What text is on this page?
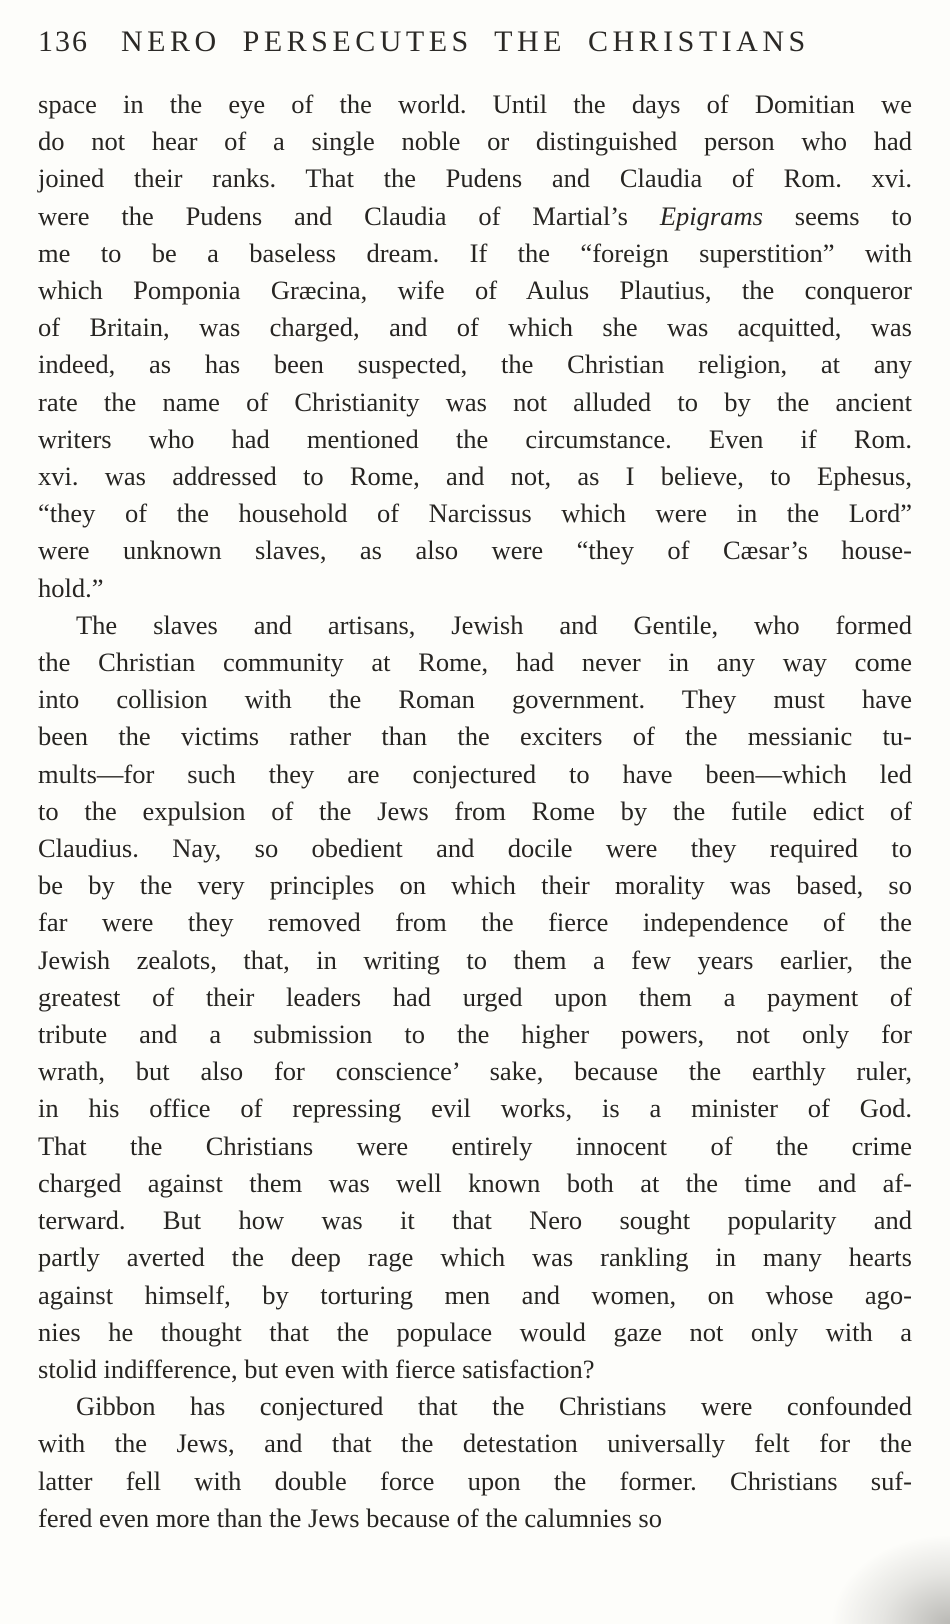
136 NERO PERSECUTES THE CHRISTIANS
space in the eye of the world. Until the days of Domitian we
do not hear of a single noble or distinguished person who had
joined their ranks. That the Pudens and Claudia of Rom. xvi.
were the Pudens and Claudia of Martial’s Epigrams seems to
me to be a baseless dream. If the “foreign superstition” with
which Pomponia Græcina, wife of Aulus Plautius, the conqueror
of Britain, was charged, and of which she was acquitted, was
indeed, as has been suspected, the Christian religion, at any
rate the name of Christianity was not alluded to by the ancient
writers who had mentioned the circumstance. Even if Rom.
xvi. was addressed to Rome, and not, as I believe, to Ephesus,
“they of the household of Narcissus which were in the Lord”
were unknown slaves, as also were “they of Cæsar’s house-
hold.”
The slaves and artisans, Jewish and Gentile, who formed
the Christian community at Rome, had never in any way come
into collision with the Roman government. They must have
been the victims rather than the exciters of the messianic tu-
mults—for such they are conjectured to have been—which led
to the expulsion of the Jews from Rome by the futile edict of
Claudius. Nay, so obedient and docile were they required to
be by the very principles on which their morality was based, so
far were they removed from the fierce independence of the
Jewish zealots, that, in writing to them a few years earlier, the
greatest of their leaders had urged upon them a payment of
tribute and a submission to the higher powers, not only for
wrath, but also for conscience’ sake, because the earthly ruler,
in his office of repressing evil works, is a minister of God.
That the Christians were entirely innocent of the crime
charged against them was well known both at the time and af-
terward. But how was it that Nero sought popularity and
partly averted the deep rage which was rankling in many hearts
against himself, by torturing men and women, on whose ago-
nies he thought that the populace would gaze not only with a
stolid indifference, but even with fierce satisfaction?
Gibbon has conjectured that the Christians were confounded
with the Jews, and that the detestation universally felt for the
latter fell with double force upon the former. Christians suf-
fered even more than the Jews because of the calumnies so
